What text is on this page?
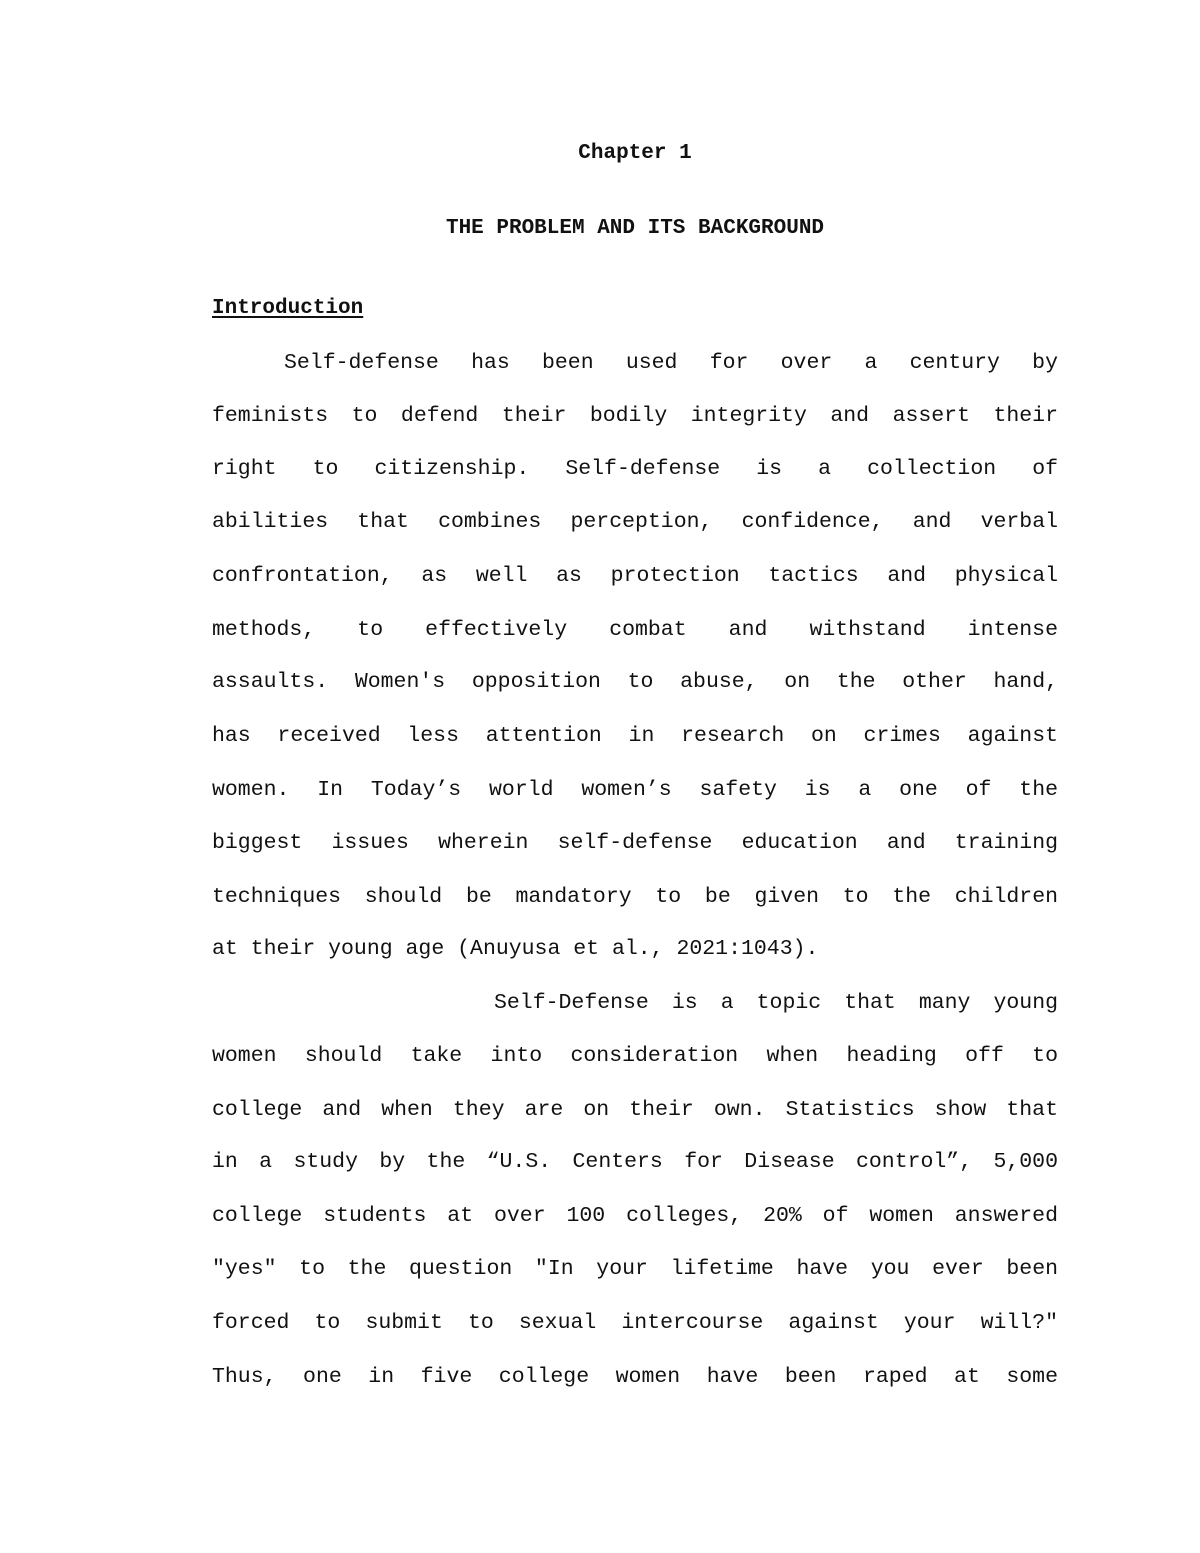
Chapter 1
THE PROBLEM AND ITS BACKGROUND
Introduction
Self-defense has been used for over a century by
feminists to defend their bodily integrity and assert their
right to citizenship. Self-defense is a collection of
abilities that combines perception, confidence, and verbal
confrontation, as well as protection tactics and physical
methods, to effectively combat and withstand intense
assaults. Women's opposition to abuse, on the other hand,
has received less attention in research on crimes against
women. In Today’s world women’s safety is a one of the
biggest issues wherein self-defense education and training
techniques should be mandatory to be given to the children
at their young age (Anuyusa et al., 2021:1043).
Self-Defense is a topic that many young
women should take into consideration when heading off to
college and when they are on their own. Statistics show that
in a study by the “U.S. Centers for Disease control”, 5,000
college students at over 100 colleges, 20% of women answered
"yes" to the question "In your lifetime have you ever been
forced to submit to sexual intercourse against your will?"
Thus, one in five college women have been raped at some
